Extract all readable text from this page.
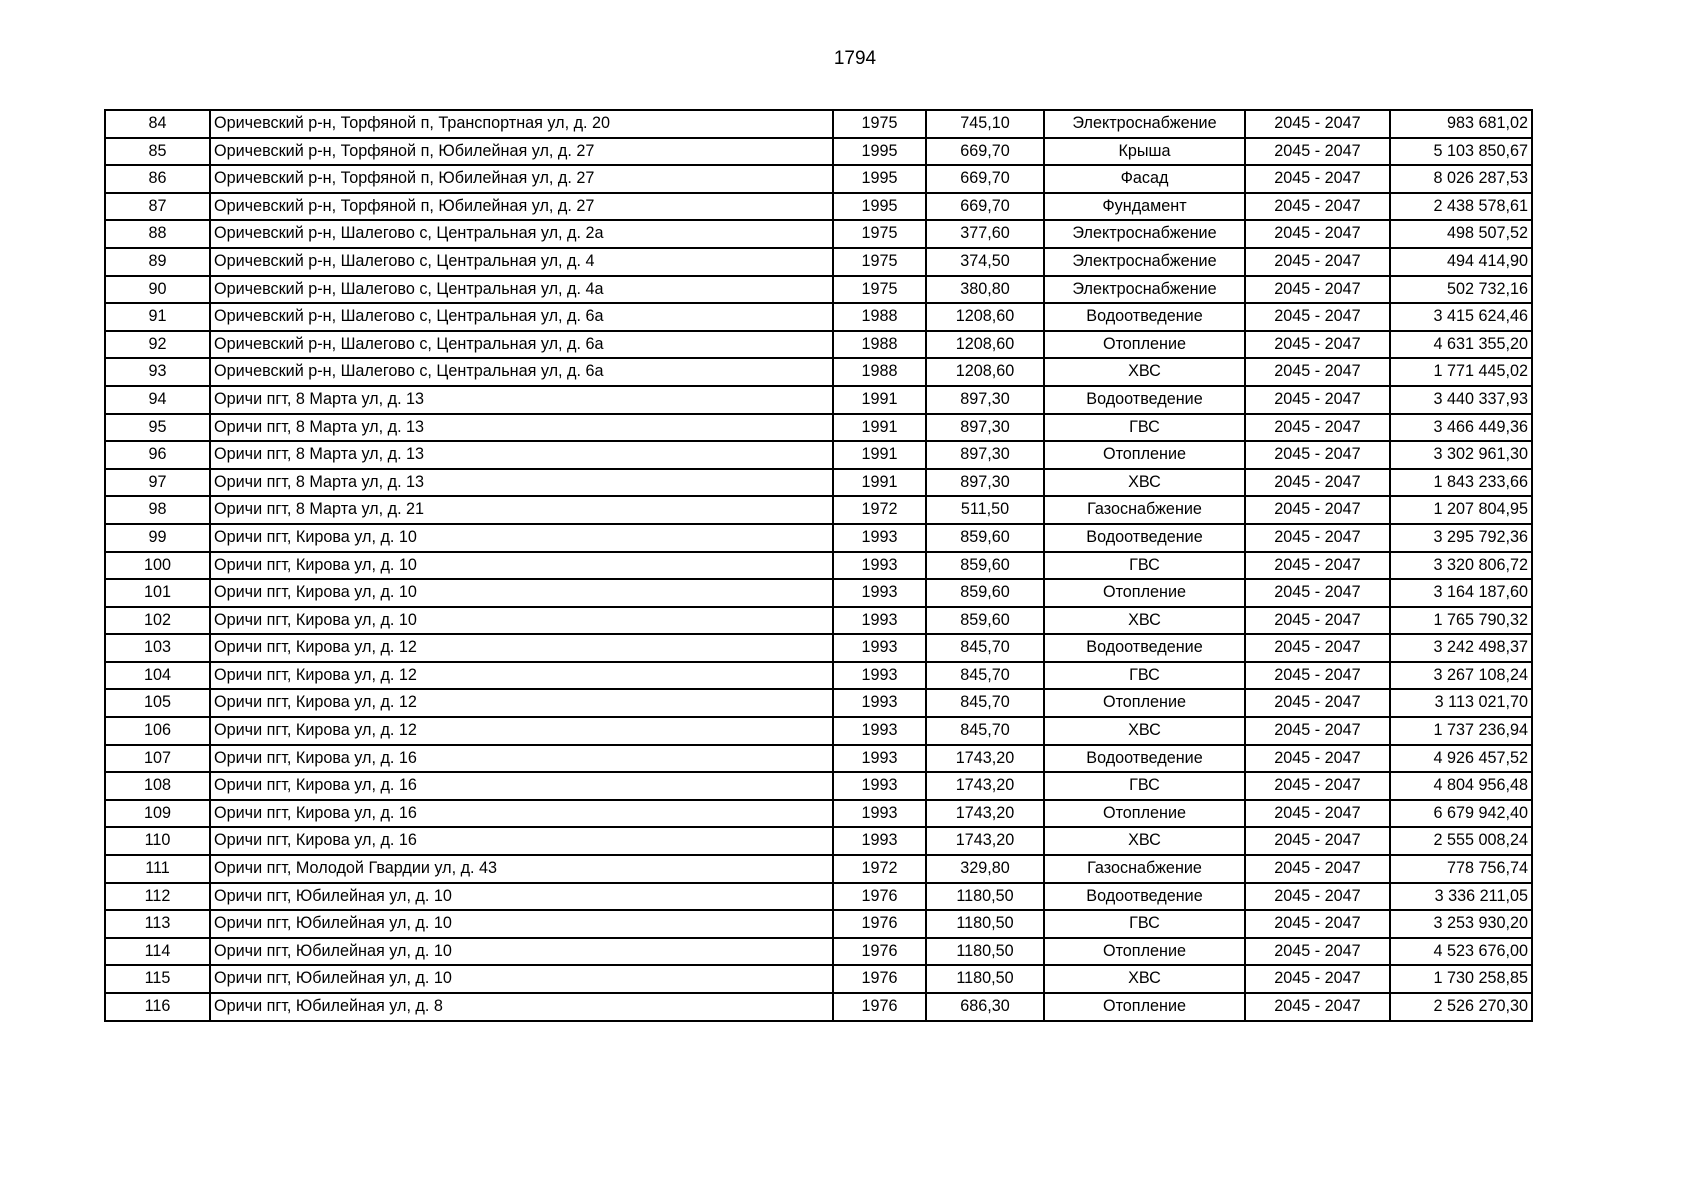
1794
84	Оричевский р-н, Торфяной п, Транспортная ул, д. 20	1975	745,10	Электроснабжение	2045 - 2047	983 681,02
85	Оричевский р-н, Торфяной п, Юбилейная ул, д. 27	1995	669,70	Крыша	2045 - 2047	5 103 850,67
86	Оричевский р-н, Торфяной п, Юбилейная ул, д. 27	1995	669,70	Фасад	2045 - 2047	8 026 287,53
87	Оричевский р-н, Торфяной п, Юбилейная ул, д. 27	1995	669,70	Фундамент	2045 - 2047	2 438 578,61
88	Оричевский р-н, Шалегово с, Центральная ул, д. 2а	1975	377,60	Электроснабжение	2045 - 2047	498 507,52
89	Оричевский р-н, Шалегово с, Центральная ул, д. 4	1975	374,50	Электроснабжение	2045 - 2047	494 414,90
90	Оричевский р-н, Шалегово с, Центральная ул, д. 4а	1975	380,80	Электроснабжение	2045 - 2047	502 732,16
91	Оричевский р-н, Шалегово с, Центральная ул, д. 6а	1988	1208,60	Водоотведение	2045 - 2047	3 415 624,46
92	Оричевский р-н, Шалегово с, Центральная ул, д. 6а	1988	1208,60	Отопление	2045 - 2047	4 631 355,20
93	Оричевский р-н, Шалегово с, Центральная ул, д. 6а	1988	1208,60	ХВС	2045 - 2047	1 771 445,02
94	Оричи пгт, 8 Марта ул, д. 13	1991	897,30	Водоотведение	2045 - 2047	3 440 337,93
95	Оричи пгт, 8 Марта ул, д. 13	1991	897,30	ГВС	2045 - 2047	3 466 449,36
96	Оричи пгт, 8 Марта ул, д. 13	1991	897,30	Отопление	2045 - 2047	3 302 961,30
97	Оричи пгт, 8 Марта ул, д. 13	1991	897,30	ХВС	2045 - 2047	1 843 233,66
98	Оричи пгт, 8 Марта ул, д. 21	1972	511,50	Газоснабжение	2045 - 2047	1 207 804,95
99	Оричи пгт, Кирова ул, д. 10	1993	859,60	Водоотведение	2045 - 2047	3 295 792,36
100	Оричи пгт, Кирова ул, д. 10	1993	859,60	ГВС	2045 - 2047	3 320 806,72
101	Оричи пгт, Кирова ул, д. 10	1993	859,60	Отопление	2045 - 2047	3 164 187,60
102	Оричи пгт, Кирова ул, д. 10	1993	859,60	ХВС	2045 - 2047	1 765 790,32
103	Оричи пгт, Кирова ул, д. 12	1993	845,70	Водоотведение	2045 - 2047	3 242 498,37
104	Оричи пгт, Кирова ул, д. 12	1993	845,70	ГВС	2045 - 2047	3 267 108,24
105	Оричи пгт, Кирова ул, д. 12	1993	845,70	Отопление	2045 - 2047	3 113 021,70
106	Оричи пгт, Кирова ул, д. 12	1993	845,70	ХВС	2045 - 2047	1 737 236,94
107	Оричи пгт, Кирова ул, д. 16	1993	1743,20	Водоотведение	2045 - 2047	4 926 457,52
108	Оричи пгт, Кирова ул, д. 16	1993	1743,20	ГВС	2045 - 2047	4 804 956,48
109	Оричи пгт, Кирова ул, д. 16	1993	1743,20	Отопление	2045 - 2047	6 679 942,40
110	Оричи пгт, Кирова ул, д. 16	1993	1743,20	ХВС	2045 - 2047	2 555 008,24
111	Оричи пгт, Молодой Гвардии ул, д. 43	1972	329,80	Газоснабжение	2045 - 2047	778 756,74
112	Оричи пгт, Юбилейная ул, д. 10	1976	1180,50	Водоотведение	2045 - 2047	3 336 211,05
113	Оричи пгт, Юбилейная ул, д. 10	1976	1180,50	ГВС	2045 - 2047	3 253 930,20
114	Оричи пгт, Юбилейная ул, д. 10	1976	1180,50	Отопление	2045 - 2047	4 523 676,00
115	Оричи пгт, Юбилейная ул, д. 10	1976	1180,50	ХВС	2045 - 2047	1 730 258,85
116	Оричи пгт, Юбилейная ул, д. 8	1976	686,30	Отопление	2045 - 2047	2 526 270,30
